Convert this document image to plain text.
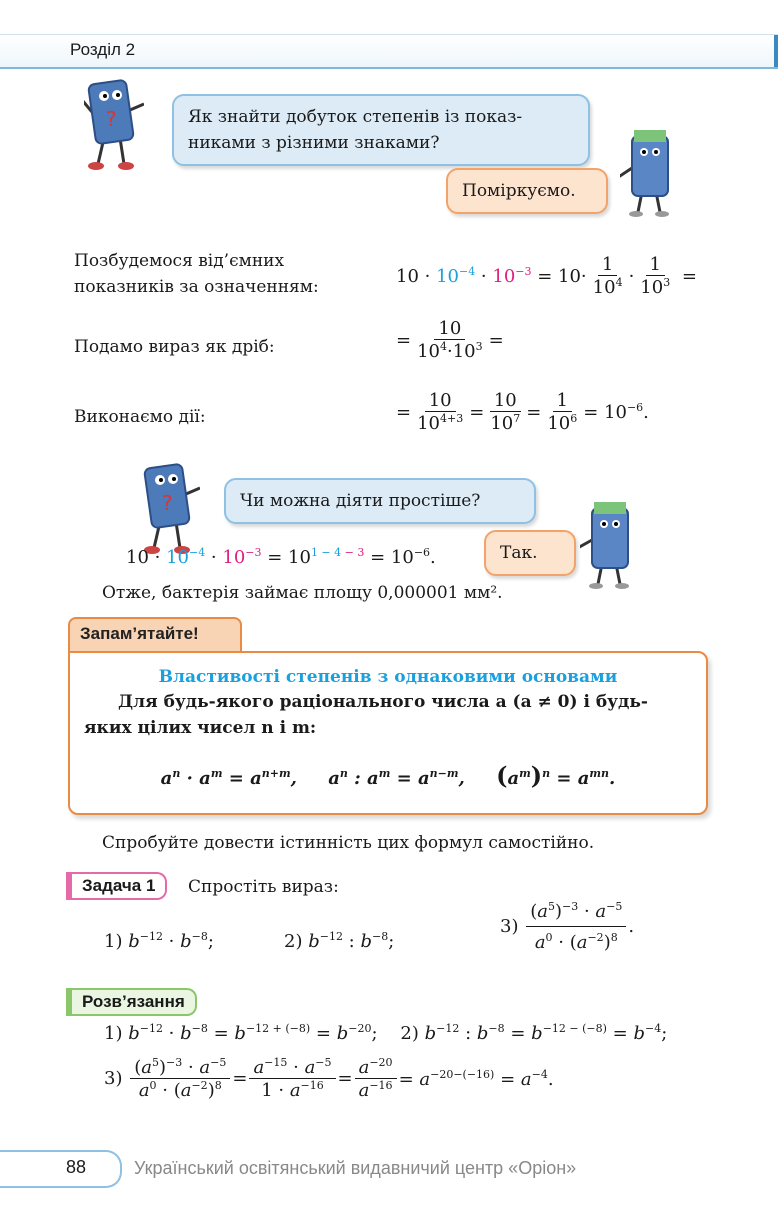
Розділ 2
?	Як знайти добуток степенів із показ-
никами з різними знаками?
Поміркуємо.
Позбудемося від’ємних
показників за означенням:
$10 \cdot 10^{-4} \cdot 10^{-3} = 10\cdot \frac{1}{10^4} \cdot \frac{1}{10^3}$ =
Подамо вираз як дріб:	= $\frac{10}{10^4\cdot 10^3}$ =
Виконаємо дії:	= $\frac{10}{10^{4+3}} = \frac{10}{10^7} = \frac{1}{10^6} = 10^{-6}$.
?	Чи можна діяти простіше?
$10 \cdot 10^{-4} \cdot 10^{-3} = 10^{1 - 4 - 3} = 10^{-6}$.	Так.
Отже, бактерія займає площу 0,000001 мм².
Запам’ятайте!
Властивості степенів з однаковими основами
Для будь-якого раціонального числа a (a ≠ 0) і будь-
яких цілих чисел n і m:
$a^n \cdot a^m = a^{n+m}$,     $a^n$ : $a^m = a^{n-m}$,     $(a^m)^n = a^{mn}$.
Спробуйте довести істинність цих формул самостійно.
Задача 1	Спростіть вираз:
1) $b^{-12} \cdot b^{-8}$;	2) $b^{-12}$ : $b^{-8}$;
$3) \frac{(a^5)^{-3} \cdot a^{-5}}{a^0 \cdot (a^{-2})^8}$ .
Розв’язання
1) $b^{-12} \cdot b^{-8} = b^{-12 + (-8)} = b^{-20}$;    2) $b^{-12}$ : $b^{-8} = b^{-12 - (-8)} = b^{-4}$;
$3) \frac{(a^5)^{-3} \cdot a^{-5}}{a^0 \cdot (a^{-2})^8} = \frac{a^{-15} \cdot a^{-5}}{1 \cdot a^{-16}} = \frac{a^{-20}}{a^{-16}} = a^{-20-(-16)} = a^{-4}$.
88	Український освітянський видавничий центр «Оріон»
